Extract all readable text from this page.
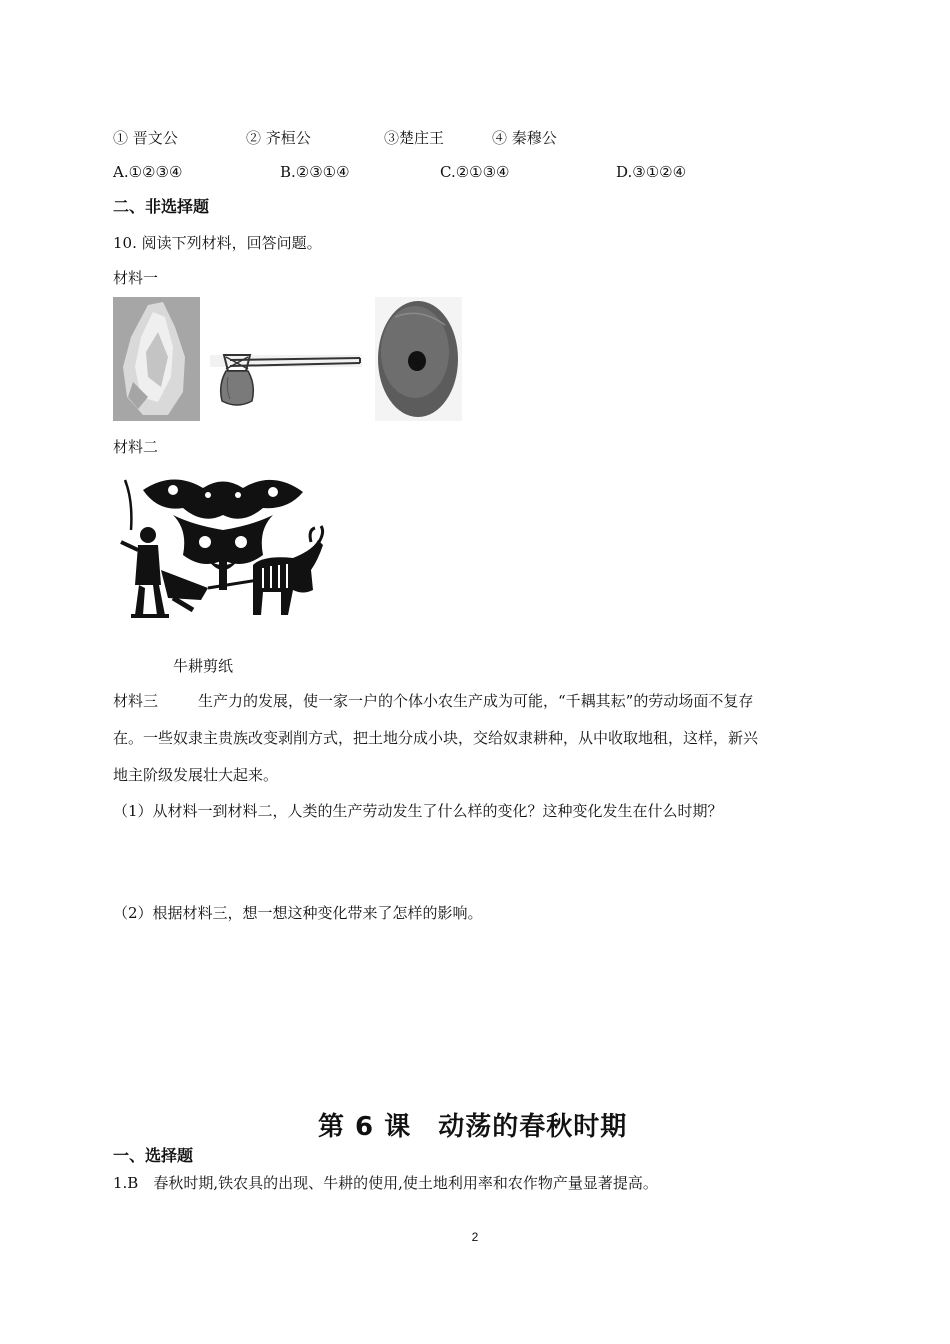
① 晋文公	② 齐桓公	③楚庄王	④ 秦穆公
A.①②③④	B.②③①④	C.②①③④	D.③①②④
二、非选择题
10. 阅读下列材料，回答问题。
材料一
材料二
牛耕剪纸
材料三	生产力的发展，使一家一户的个体小农生产成为可能，“千耦其耘”的劳动场面不复存
在。一些奴隶主贵族改变剥削方式，把土地分成小块，交给奴隶耕种，从中收取地租，这样，新兴
地主阶级发展壮大起来。
（1）从材料一到材料二，人类的生产劳动发生了什么样的变化？这种变化发生在什么时期？
（2）根据材料三，想一想这种变化带来了怎样的影响。
第 6 课　动荡的春秋时期
一、选择题
1.B　春秋时期,铁农具的出现、牛耕的使用,使土地利用率和农作物产量显著提高。
2
